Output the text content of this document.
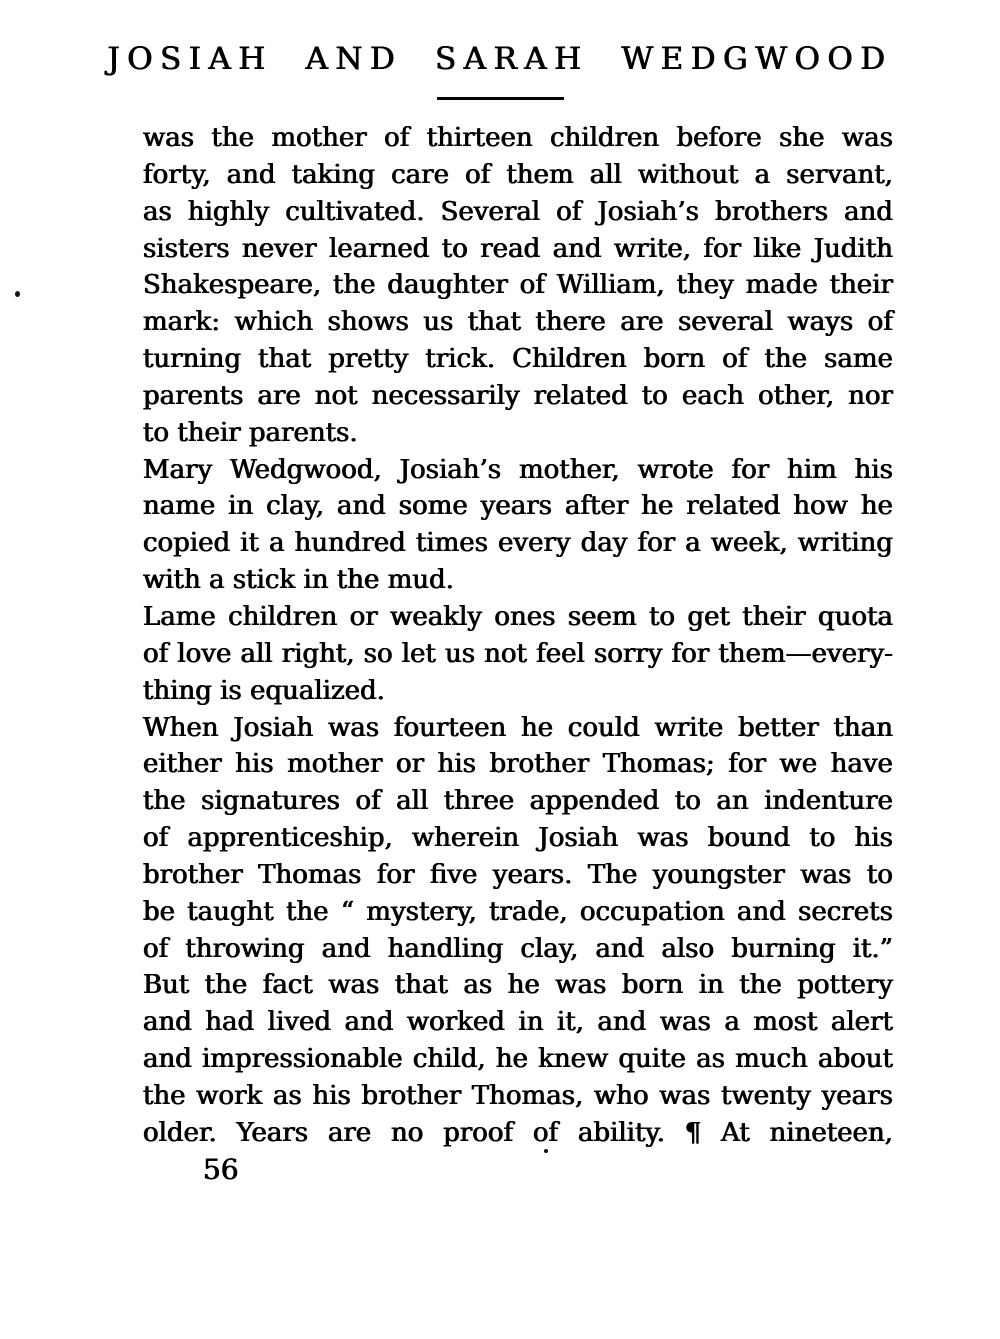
JOSIAH AND SARAH WEDGWOOD
was the mother of thirteen children before she was
forty, and taking care of them all without a servant,
as highly cultivated. Several of Josiah’s brothers and
sisters never learned to read and write, for like Judith
Shakespeare, the daughter of William, they made their
mark: which shows us that there are several ways of
turning that pretty trick. Children born of the same
parents are not necessarily related to each other, nor
to their parents.
Mary Wedgwood, Josiah’s mother, wrote for him his
name in clay, and some years after he related how he
copied it a hundred times every day for a week, writing
with a stick in the mud.
Lame children or weakly ones seem to get their quota
of love all right, so let us not feel sorry for them—every-
thing is equalized.
When Josiah was fourteen he could write better than
either his mother or his brother Thomas; for we have
the signatures of all three appended to an indenture
of apprenticeship, wherein Josiah was bound to his
brother Thomas for five years. The youngster was to
be taught the “ mystery, trade, occupation and secrets
of throwing and handling clay, and also burning it.”
But the fact was that as he was born in the pottery
and had lived and worked in it, and was a most alert
and impressionable child, he knew quite as much about
the work as his brother Thomas, who was twenty years
older. Years are no proof of ability. ¶ At nineteen,
56
